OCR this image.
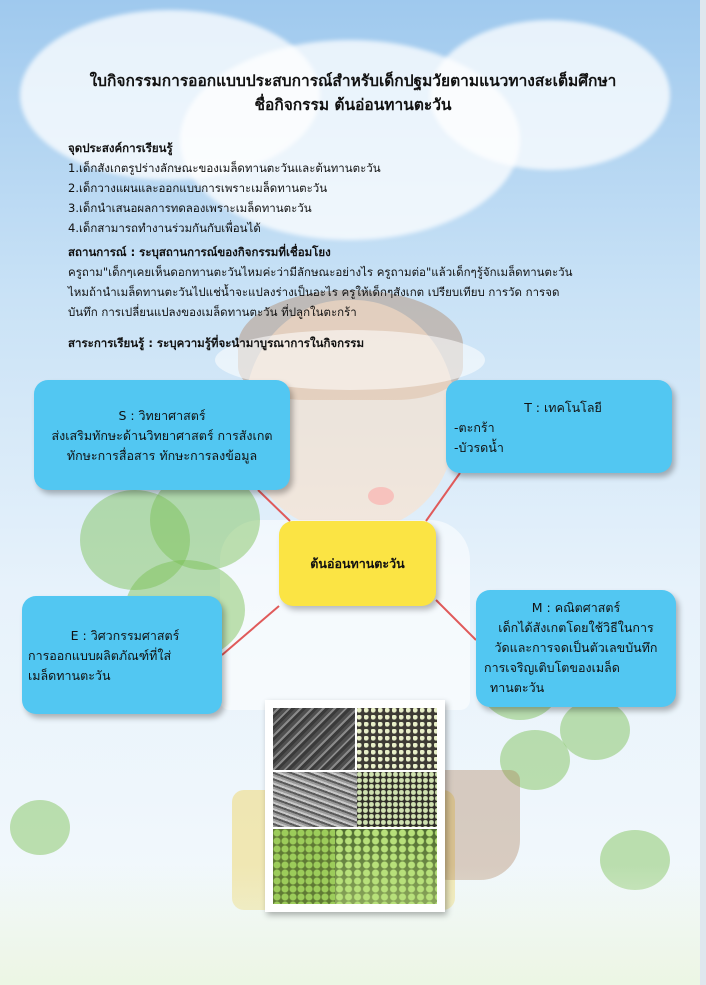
ใบกิจกรรมการออกแบบประสบการณ์สำหรับเด็กปฐมวัยตามแนวทางสะเต็มศึกษา
ชื่อกิจกรรม ต้นอ่อนทานตะวัน
จุดประสงค์การเรียนรู้
1.เด็กสังเกตรูปร่างลักษณะของเมล็ดทานตะวันและต้นทานตะวัน
2.เด็กวางแผนและออกแบบการเพราะเมล็ดทานตะวัน
3.เด็กนำเสนอผลการทดลองเพราะเมล็ดทานตะวัน
4.เด็กสามารถทำงานร่วมกันกับเพื่อนได้
สถานการณ์ : ระบุสถานการณ์ของกิจกรรมที่เชื่อมโยง
ครูถาม"เด็กๆเคยเห็นดอกทานตะวันไหมค่ะว่ามีลักษณะอย่างไร ครูถามต่อ"แล้วเด็กๆรู้จักเมล็ดทานตะวัน
ไหมถ้านำเมล็ดทานตะวันไปแช่น้ำจะแปลงร่างเป็นอะไร ครูให้เด็กๆสังเกต เปรียบเทียบ การวัด การจด
บันทึก การเปลี่ยนแปลงของเมล็ดทานตะวัน ที่ปลูกในตะกร้า
สาระการเรียนรู้ : ระบุความรู้ที่จะนำมาบูรณาการในกิจกรรม
S : วิทยาศาสตร์
ส่งเสริมทักษะด้านวิทยาศาสตร์ การสังเกต
ทักษะการสื่อสาร ทักษะการลงข้อมูล
T : เทคโนโลยี
-ตะกร้า
-บัวรดน้ำ
ต้นอ่อนทานตะวัน
E : วิศวกรรมศาสตร์
การออกแบบผลิตภัณฑ์ที่ใส่
เมล็ดทานตะวัน
M : คณิตศาสตร์
เด็กได้สังเกตโดยใช้วิธีในการ
วัดและการจดเป็นตัวเลขบันทึก
การเจริญเติบโตของเมล็ด
ทานตะวัน
